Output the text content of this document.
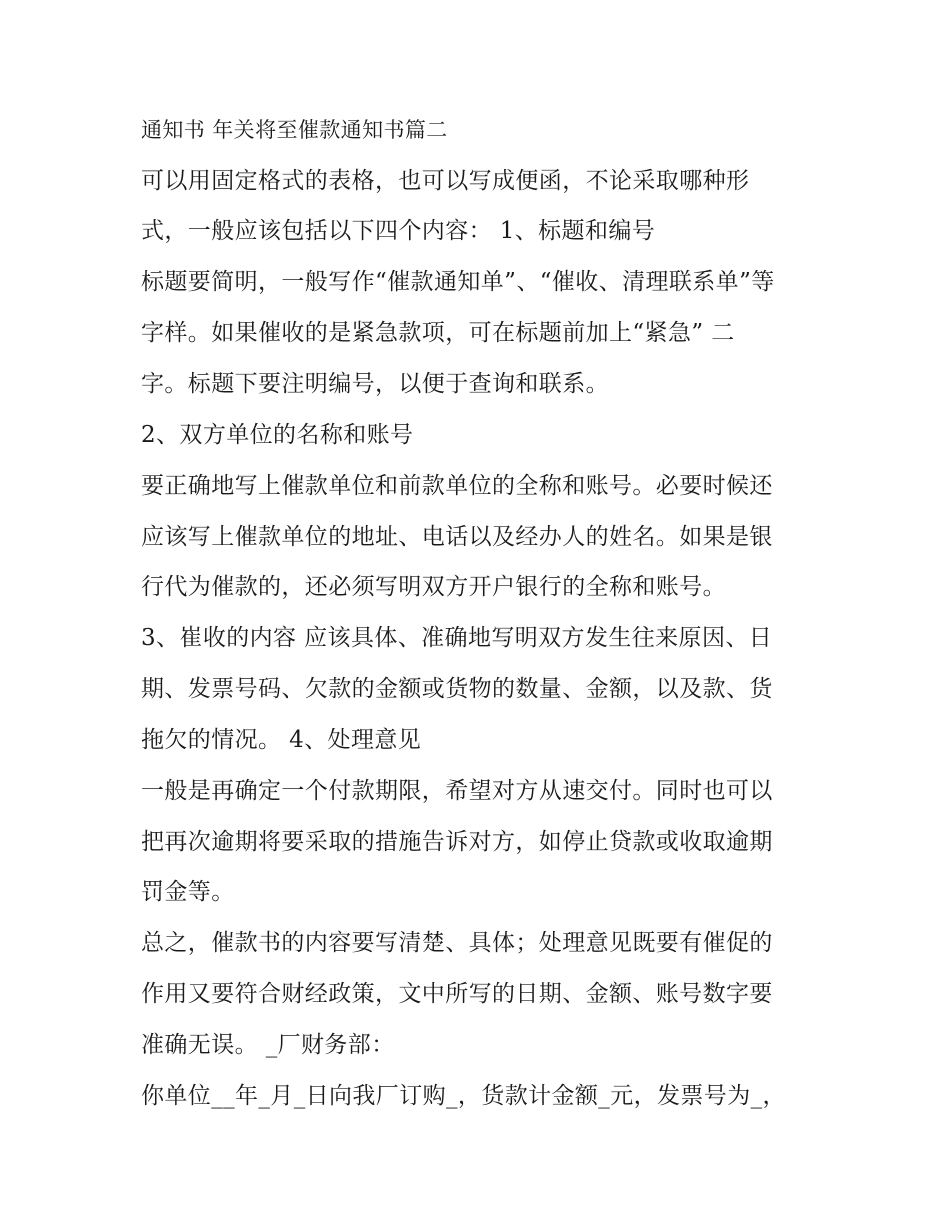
通知书 年关将至催款通知书篇二
可以用固定格式的表格，也可以写成便函，不论采取哪种形
式，一般应该包括以下四个内容： 1、标题和编号
标题要简明，一般写作“催款通知单”、“催收、清理联系单”等
字样。如果催收的是紧急款项，可在标题前加上“紧急” 二
字。标题下要注明编号，以便于查询和联系。
2、双方单位的名称和账号
要正确地写上催款单位和前款单位的全称和账号。必要时候还
应该写上催款单位的地址、电话以及经办人的姓名。如果是银
行代为催款的，还必须写明双方开户银行的全称和账号。
3、崔收的内容 应该具体、准确地写明双方发生往来原因、日
期、发票号码、欠款的金额或货物的数量、金额，以及款、货
拖欠的情况。 4、处理意见
一般是再确定一个付款期限，希望对方从速交付。同时也可以
把再次逾期将要采取的措施告诉对方，如停止贷款或收取逾期
罚金等。
总之，催款书的内容要写清楚、具体；处理意见既要有催促的
作用又要符合财经政策，文中所写的日期、金额、账号数字要
准确无误。 _厂财务部：
你单位__年_月_日向我厂订购_，货款计金额_元，发票号为_，
